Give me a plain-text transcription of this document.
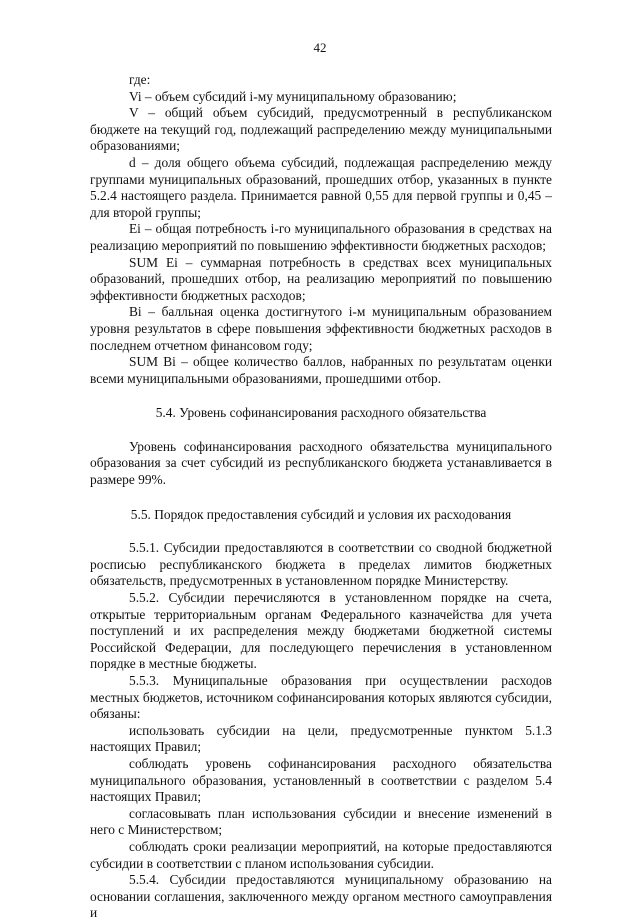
42

где:

Vi – объем субсидий i-му муниципальному образованию;

V – общий объем субсидий, предусмотренный в республиканском бюджете на текущий год, подлежащий распределению между муниципальными образованиями;

d – доля общего объема субсидий, подлежащая распределению между группами муниципальных образований, прошедших отбор, указанных в пункте 5.2.4 настоящего раздела. Принимается равной 0,55 для первой группы и 0,45 – для второй группы;

Ei – общая потребность i-го муниципального образования в средствах на реализацию мероприятий по повышению эффективности бюджетных расходов;

SUM Ei – суммарная потребность в средствах всех муниципальных образований, прошедших отбор, на реализацию мероприятий по повышению эффективности бюджетных расходов;

Bi – балльная оценка достигнутого i-м муниципальным образованием уровня результатов в сфере повышения эффективности бюджетных расходов в последнем отчетном финансовом году;

SUM Bi – общее количество баллов, набранных по результатам оценки всеми муниципальными образованиями, прошедшими отбор.

5.4. Уровень софинансирования расходного обязательства

Уровень софинансирования расходного обязательства муниципального образования за счет субсидий из республиканского бюджета устанавливается в размере 99%.

5.5. Порядок предоставления субсидий и условия их расходования

5.5.1. Субсидии предоставляются в соответствии со сводной бюджетной росписью республиканского бюджета в пределах лимитов бюджетных обязательств, предусмотренных в установленном порядке Министерству.

5.5.2. Субсидии перечисляются в установленном порядке на счета, открытые территориальным органам Федерального казначейства для учета поступлений и их распределения между бюджетами бюджетной системы Российской Федерации, для последующего перечисления в установленном порядке в местные бюджеты.

5.5.3. Муниципальные образования при осуществлении расходов местных бюджетов, источником софинансирования которых являются субсидии, обязаны:

использовать субсидии на цели, предусмотренные пунктом 5.1.3 настоящих Правил;

соблюдать уровень софинансирования расходного обязательства муниципального образования, установленный в соответствии с разделом 5.4 настоящих Правил;

согласовывать план использования субсидии и внесение изменений в него с Министерством;

соблюдать сроки реализации мероприятий, на которые предоставляются субсидии в соответствии с планом использования субсидии.

5.5.4. Субсидии предоставляются муниципальному образованию на основании соглашения, заключенного между органом местного самоуправления и
